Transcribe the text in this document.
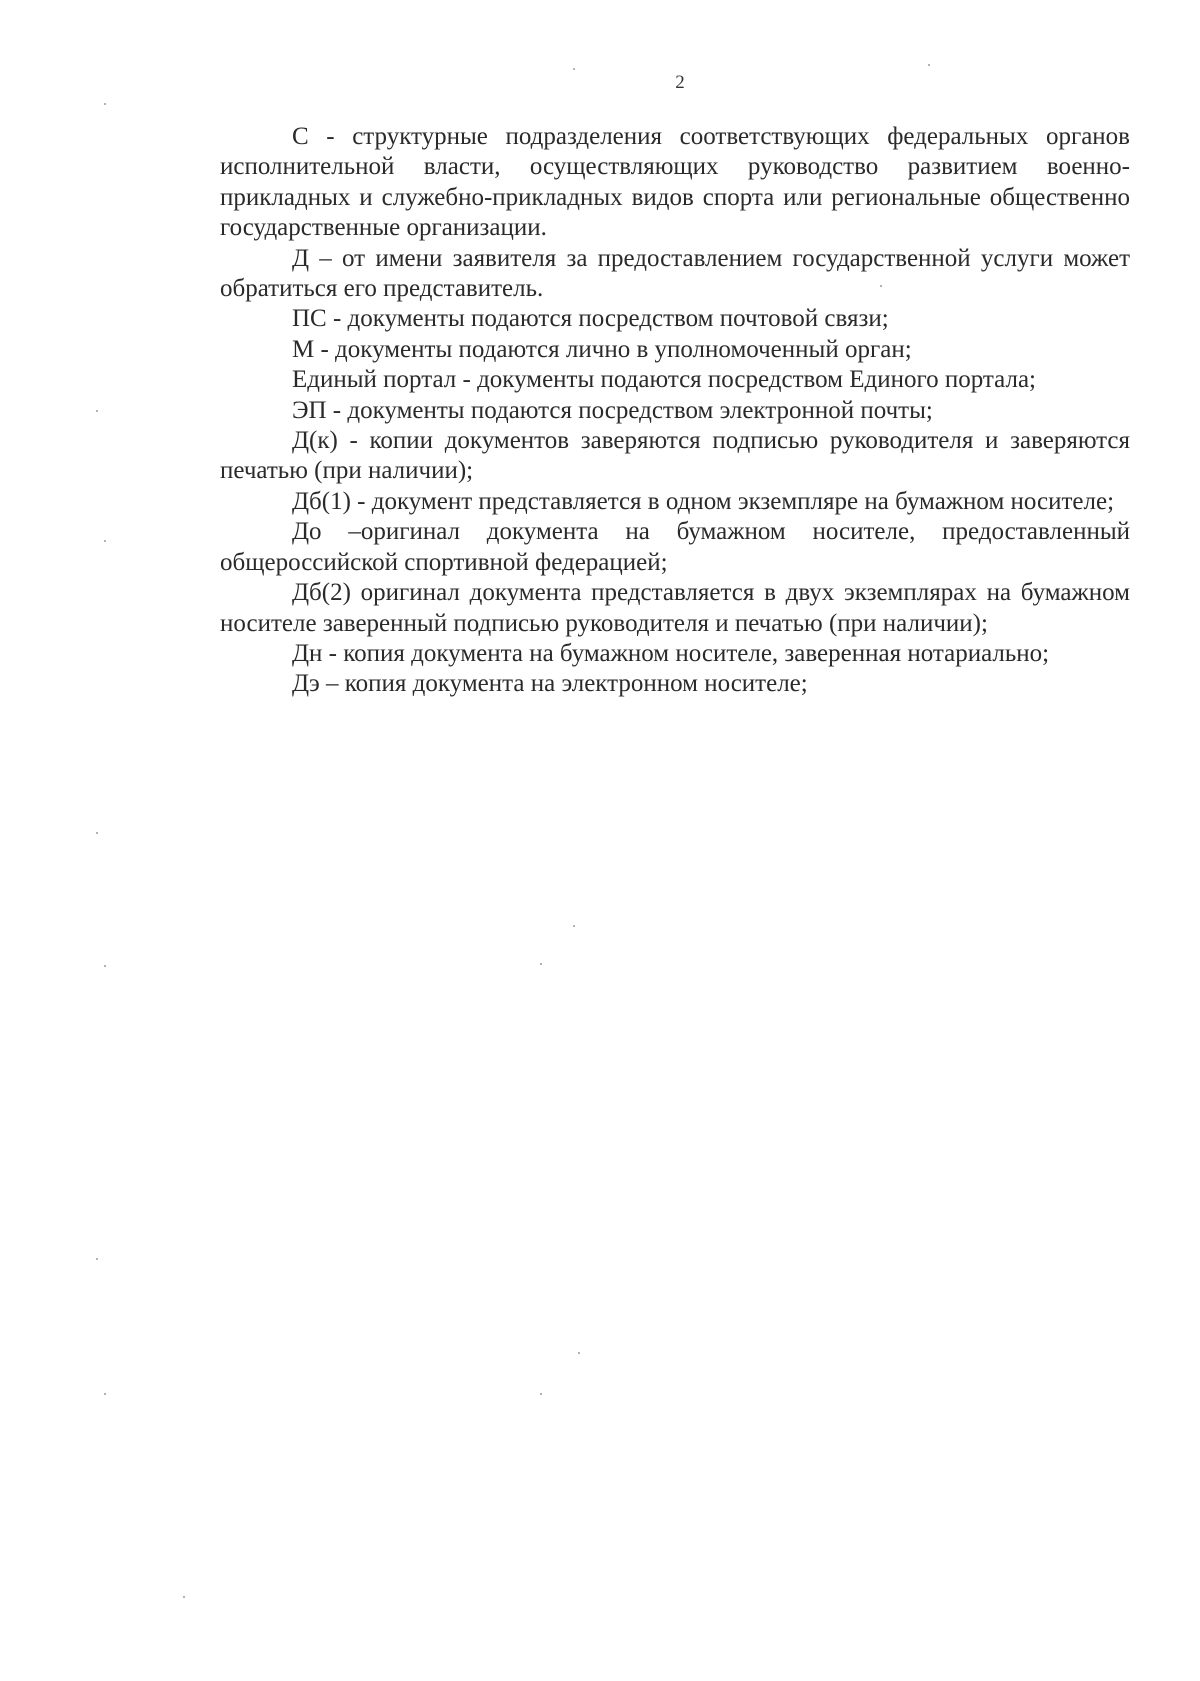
2

С - структурные подразделения соответствующих федеральных органов исполнительной власти, осуществляющих руководство развитием военно-прикладных и служебно-прикладных видов спорта или региональные общественно государственные организации.

Д – от имени заявителя за предоставлением государственной услуги может обратиться его представитель.

ПС - документы подаются посредством почтовой связи;

М - документы подаются лично в уполномоченный орган;

Единый портал - документы подаются посредством Единого портала;

ЭП - документы подаются посредством электронной почты;

Д(к) - копии документов заверяются подписью руководителя и заверяются печатью (при наличии);

Дб(1) - документ представляется в одном экземпляре на бумажном носителе;

До –оригинал документа на бумажном носителе, предоставленный общероссийской спортивной федерацией;

Дб(2) оригинал документа представляется в двух экземплярах на бумажном носителе заверенный подписью руководителя и печатью (при наличии);

Дн - копия документа на бумажном носителе, заверенная нотариально;

Дэ – копия документа на электронном носителе;
